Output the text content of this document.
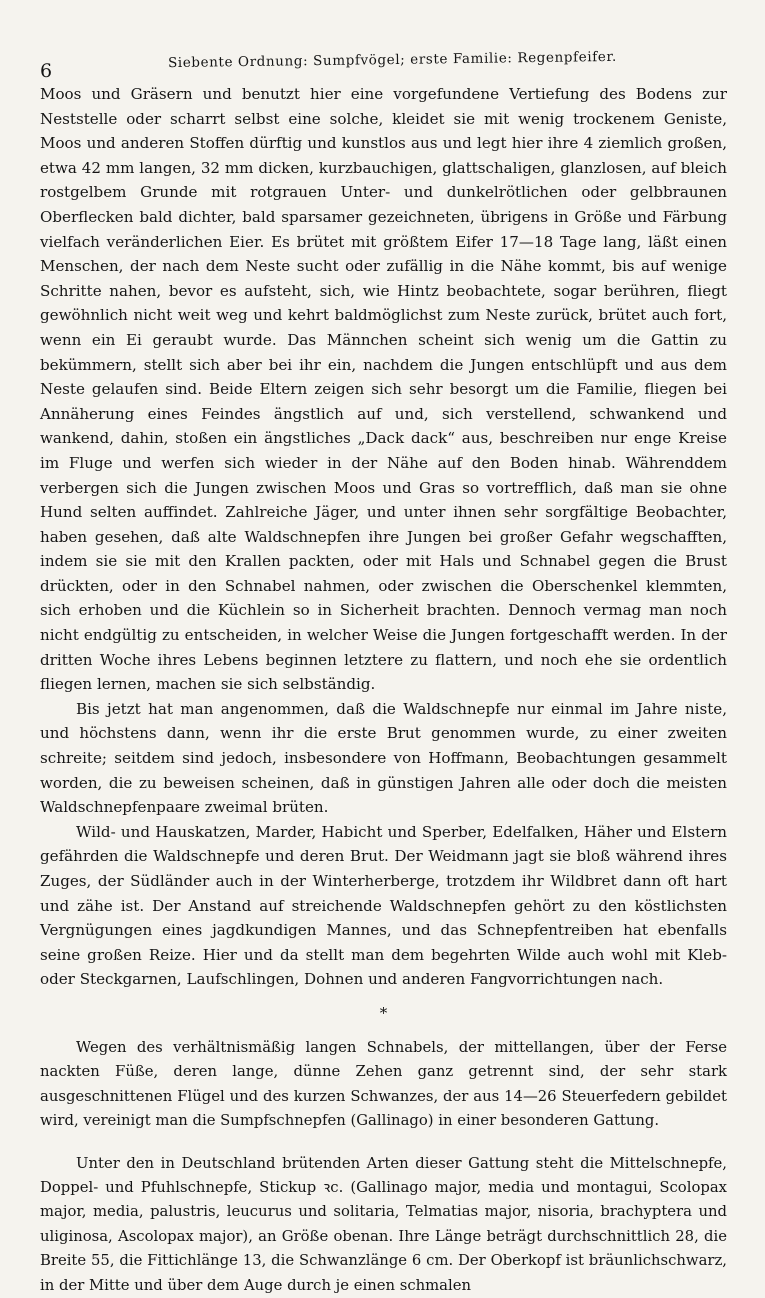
6	Siebente Ordnung: Sumpfvögel; erste Familie: Regenpfeifer.

Moos und Gräsern und benutzt hier eine vorgefundene Vertiefung des Bodens zur Neststelle oder scharrt selbst eine solche, kleidet sie mit wenig trockenem Geniste, Moos und anderen Stoffen dürftig und kunstlos aus und legt hier ihre 4 ziemlich großen, etwa 42 mm langen, 32 mm dicken, kurzbauchigen, glattschaligen, glanzlosen, auf bleich rostgelbem Grunde mit rotgrauen Unter- und dunkelrötlichen oder gelbbraunen Oberflecken bald dichter, bald sparsamer gezeichneten, übrigens in Größe und Färbung vielfach veränderlichen Eier. Es brütet mit größtem Eifer 17—18 Tage lang, läßt einen Menschen, der nach dem Neste sucht oder zufällig in die Nähe kommt, bis auf wenige Schritte nahen, bevor es aufsteht, sich, wie Hintz beobachtete, sogar berühren, fliegt gewöhnlich nicht weit weg und kehrt baldmöglichst zum Neste zurück, brütet auch fort, wenn ein Ei geraubt wurde. Das Männchen scheint sich wenig um die Gattin zu bekümmern, stellt sich aber bei ihr ein, nachdem die Jungen entschlüpft und aus dem Neste gelaufen sind. Beide Eltern zeigen sich sehr besorgt um die Familie, fliegen bei Annäherung eines Feindes ängstlich auf und, sich verstellend, schwankend und wankend, dahin, stoßen ein ängstliches „Dack dack“ aus, beschreiben nur enge Kreise im Fluge und werfen sich wieder in der Nähe auf den Boden hinab. Währenddem verbergen sich die Jungen zwischen Moos und Gras so vortrefflich, daß man sie ohne Hund selten auffindet. Zahlreiche Jäger, und unter ihnen sehr sorgfältige Beobachter, haben gesehen, daß alte Waldschnepfen ihre Jungen bei großer Gefahr wegschafften, indem sie sie mit den Krallen packten, oder mit Hals und Schnabel gegen die Brust drückten, oder in den Schnabel nahmen, oder zwischen die Oberschenkel klemmten, sich erhoben und die Küchlein so in Sicherheit brachten. Dennoch vermag man noch nicht endgültig zu entscheiden, in welcher Weise die Jungen fortgeschafft werden. In der dritten Woche ihres Lebens beginnen letztere zu flattern, und noch ehe sie ordentlich fliegen lernen, machen sie sich selbständig.

Bis jetzt hat man angenommen, daß die Waldschnepfe nur einmal im Jahre niste, und höchstens dann, wenn ihr die erste Brut genommen wurde, zu einer zweiten schreite; seitdem sind jedoch, insbesondere von Hoffmann, Beobachtungen gesammelt worden, die zu beweisen scheinen, daß in günstigen Jahren alle oder doch die meisten Waldschnepfenpaare zweimal brüten.

Wild- und Hauskatzen, Marder, Habicht und Sperber, Edelfalken, Häher und Elstern gefährden die Waldschnepfe und deren Brut. Der Weidmann jagt sie bloß während ihres Zuges, der Südländer auch in der Winterherberge, trotzdem ihr Wildbret dann oft hart und zähe ist. Der Anstand auf streichende Waldschnepfen gehört zu den köstlichsten Vergnügungen eines jagdkundigen Mannes, und das Schnepfentreiben hat ebenfalls seine großen Reize. Hier und da stellt man dem begehrten Wilde auch wohl mit Kleb- oder Steckgarnen, Laufschlingen, Dohnen und anderen Fangvorrichtungen nach.

*

Wegen des verhältnismäßig langen Schnabels, der mittellangen, über der Ferse nackten Füße, deren lange, dünne Zehen ganz getrennt sind, der sehr stark ausgeschnittenen Flügel und des kurzen Schwanzes, der aus 14—26 Steuerfedern gebildet wird, vereinigt man die Sumpfschnepfen (Gallinago) in einer besonderen Gattung.

Unter den in Deutschland brütenden Arten dieser Gattung steht die Mittelschnepfe, Doppel- und Pfuhlschnepfe, Stickup ꝛc. (Gallinago major, media und montagui, Scolopax major, media, palustris, leucurus und solitaria, Telmatias major, nisoria, brachyptera und uliginosa, Ascolopax major), an Größe obenan. Ihre Länge beträgt durchschnittlich 28, die Breite 55, die Fittichlänge 13, die Schwanzlänge 6 cm. Der Oberkopf ist bräunlichschwarz, in der Mitte und über dem Auge durch je einen schmalen
